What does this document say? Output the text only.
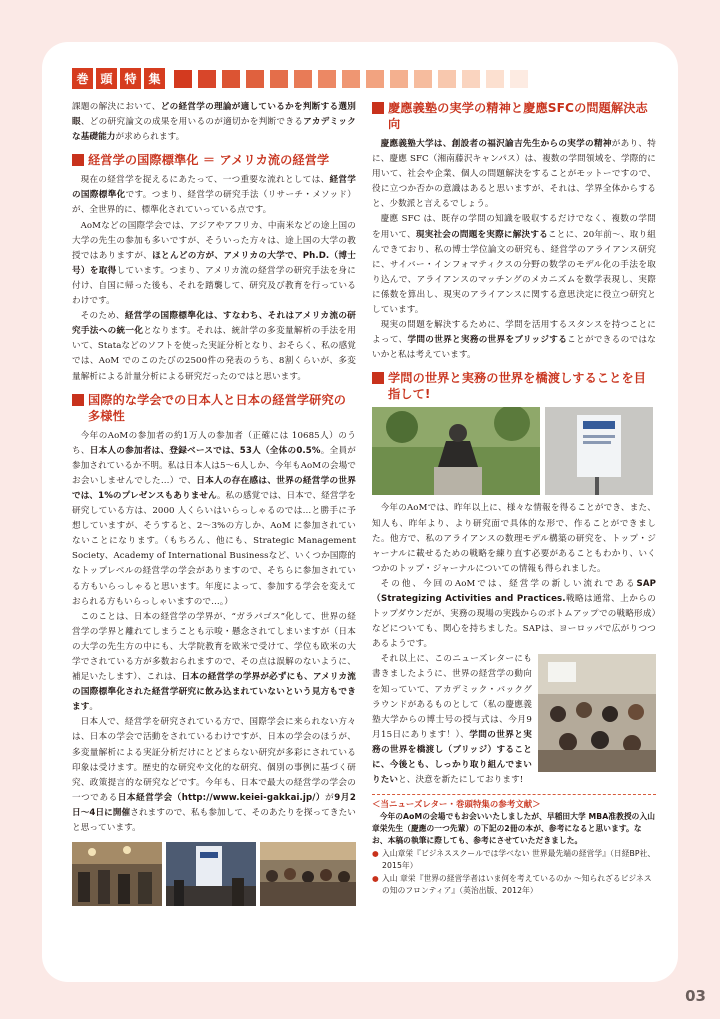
巻 頭 特 集

課題の解決において、どの経営学の理論が適しているかを判断する選別眼、どの研究論文の成果を用いるのが適切かを判断できるアカデミックな基礎能力が求められます。

経営学の国際標準化 ＝ アメリカ流の経営学

現在の経営学を捉えるにあたって、一つ重要な流れとしては、経営学の国際標準化です。つまり、経営学の研究手法（リサーチ・メソッド）が、全世界的に、標準化されていっている点です。

AoMなどの国際学会では、アジアやアフリカ、中南米などの途上国の大学の先生の参加も多いですが、そういった方々は、途上国の大学の教授ではありますが、ほとんどの方が、アメリカの大学で、Ph.D.（博士号）を取得しています。つまり、アメリカ流の経営学の研究手法を身に付け、自国に帰った後も、それを踏襲して、研究及び教育を行っているわけです。

そのため、経営学の国際標準化は、すなわち、それはアメリカ流の研究手法への統一化となります。それは、統計学の多変量解析の手法を用いて、Stataなどのソフトを使った実証分析となり、おそらく、私の感覚では、AoM でのこのたびの2500件の発表のうち、8割くらいが、多変量解析による計量分析による研究だったのではと思います。

国際的な学会での日本人と日本の経営学研究の多様性

今年のAoMの参加者の約1万人の参加者（正確には 10685人）のうち、日本人の参加者は、登録ベースでは、53人（全体の0.5%。全員が参加されているか不明。私は日本人は5〜6人しか、今年もAoMの会場でお会いしませんでした…）で、日本人の存在感は、世界の経営学の世界では、1%のプレゼンスもありません。私の感覚では、日本で、経営学を研究している方は、2000 人くらいはいらっしゃるのでは…と勝手に予想していますが、そうすると、2〜3%の方しか、AoM に参加されていないことになります。（もちろん、他にも、Strategic Management Society、Academy of International Businessなど、いくつか国際的なトップレベルの経営学の学会がありますので、そちらに参加されている方もいらっしゃると思います。年度によって、参加する学会を変えておられる方もいらっしゃいますので…。）

このことは、日本の経営学の学界が、“ガラパゴス”化して、世界の経営学の学界と離れてしまうことも示唆・懸念されてしまいますが（日本の大学の先生方の中にも、大学院教育を欧米で受けて、学位も欧米の大学でされている方が多数おられますので、その点は誤解のないように、補足いたします）、これは、日本の経営学の学界が必ずにも、アメリカ流の国際標準化された経営学研究に飲み込まれていないという見方もできます。

日本人で、経営学を研究されている方で、国際学会に来られない方々は、日本の学会で活動をされているわけですが、日本の学会のほうが、多変量解析による実証分析だけにとどまらない研究が多彩にされている印象は受けます。歴史的な研究や文化的な研究、個別の事例に基づく研究、政策提言的な研究などです。今年も、日本で最大の経営学の学会の一つである日本経営学会（http://www.keiei-gakkai.jp/）が9月2日〜4日に開催されますので、私も参加して、そのあたりを探ってきたいと思っています。

慶應義塾の実学の精神と慶應SFCの問題解決志向

慶應義塾大学は、創設者の福沢諭吉先生からの実学の精神があり、特に、慶應 SFC（湘南藤沢キャンパス）は、複数の学問領域を、学際的に用いて、社会や企業、個人の問題解決をすることがモットーですので、役に立つか否かの意識はあると思いますが、それは、学界全体からすると、少数派と言えるでしょう。

慶應 SFC は、既存の学問の知識を吸収するだけでなく、複数の学問を用いて、現実社会の問題を実際に解決することに、20年前〜、取り組んできており、私の博士学位論文の研究も、経営学のアライアンス研究に、サイバー・インフォマティクスの分野の数学のモデル化の手法を取り込んで、アライアンスのマッチングのメカニズムを数学表現し、実際に係数を算出し、現実のアライアンスに関する意思決定に役立つ研究としています。

現実の問題を解決するために、学問を活用するスタンスを持つことによって、学問の世界と実務の世界をブリッジすることができるのではないかと私は考えています。

学問の世界と実務の世界を橋渡しすることを目指して!

今年のAoMでは、昨年以上に、様々な情報を得ることができ、また、知人も、昨年より、より研究面で具体的な形で、作ることができました。他方で、私のアライアンスの数理モデル構築の研究を、トップ・ジャーナルに載せるための戦略を練り直す必要があることもわかり、いくつかのトップ・ジャーナルについての情報も得られました。

その他、今回のAoMでは、経営学の新しい流れであるSAP（Strategizing Activities and Practices.戦略は通常、上からのトップダウンだが、実務の現場の実践からのボトムアップでの戦略形成）などについても、関心を持ちました。SAPは、ヨーロッパで広がりつつあるようです。

それ以上に、このニューズレターにも書きましたように、世界の経営学の動向を知っていて、アカデミック・バックグラウンドがあるものとして（私の慶應義塾大学からの博士号の授与式は、今月9月15日にあります！）、学問の世界と実務の世界を橋渡し（ブリッジ）することに、今後とも、しっかり取り組んでまいりたいと、決意を新たにしております!

＜当ニューズレター・巻頭特集の参考文献＞
今年のAoMの会場でもお会いいたしましたが、早稲田大学 MBA准教授の入山章栄先生（慶應の一つ先輩）の下記の2冊の本が、参考になると思います。なお、本稿の執筆に際しても、参考にさせていただきました。
● 入山章栄『ビジネススクールでは学べない 世界最先端の経営学』（日経BP社、2015年）
● 入山 章栄『世界の経営学者はいま何を考えているのか 〜知られざるビジネスの知のフロンティア』（英治出版、2012年）
03
